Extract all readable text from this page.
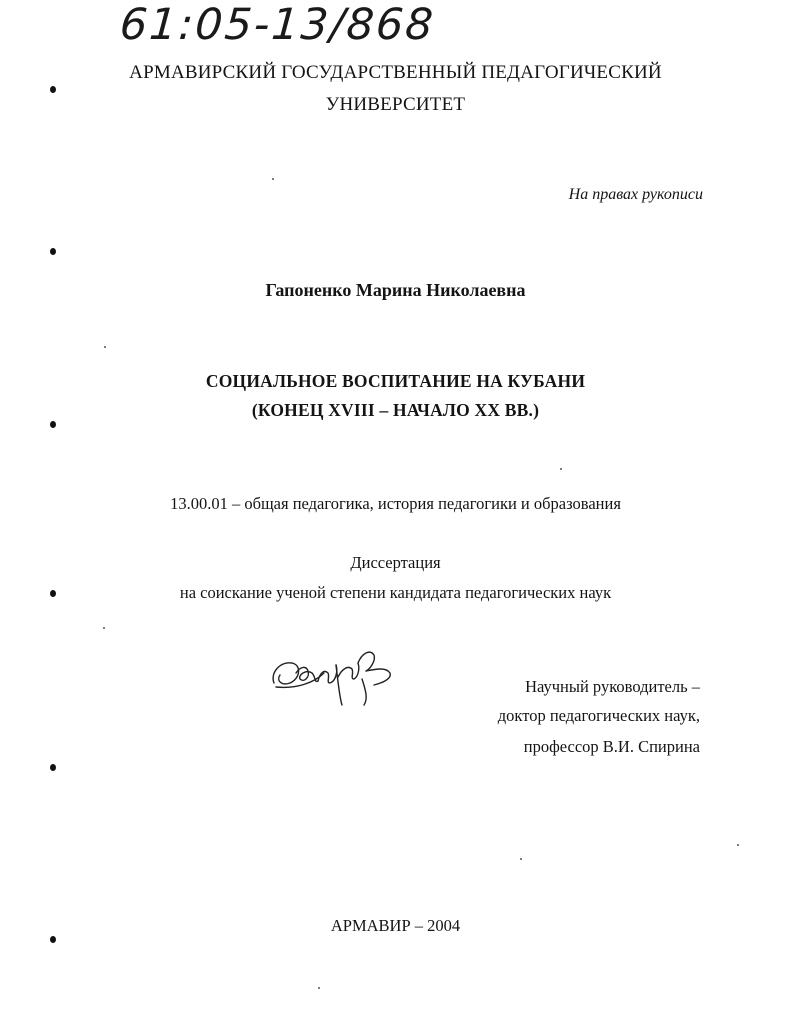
61:05-13/868

АРМАВИРСКИЙ ГОСУДАРСТВЕННЫЙ ПЕДАГОГИЧЕСКИЙ

УНИВЕРСИТЕТ

На правах рукописи

Гапоненко Марина Николаевна

СОЦИАЛЬНОЕ ВОСПИТАНИЕ НА КУБАНИ

(КОНЕЦ XVIII – НАЧАЛО XX ВВ.)

13.00.01 – общая педагогика, история педагогики и образования

Диссертация

на соискание ученой степени кандидата педагогических наук

Научный руководитель –

доктор педагогических наук,

профессор В.И. Спирина

АРМАВИР – 2004
